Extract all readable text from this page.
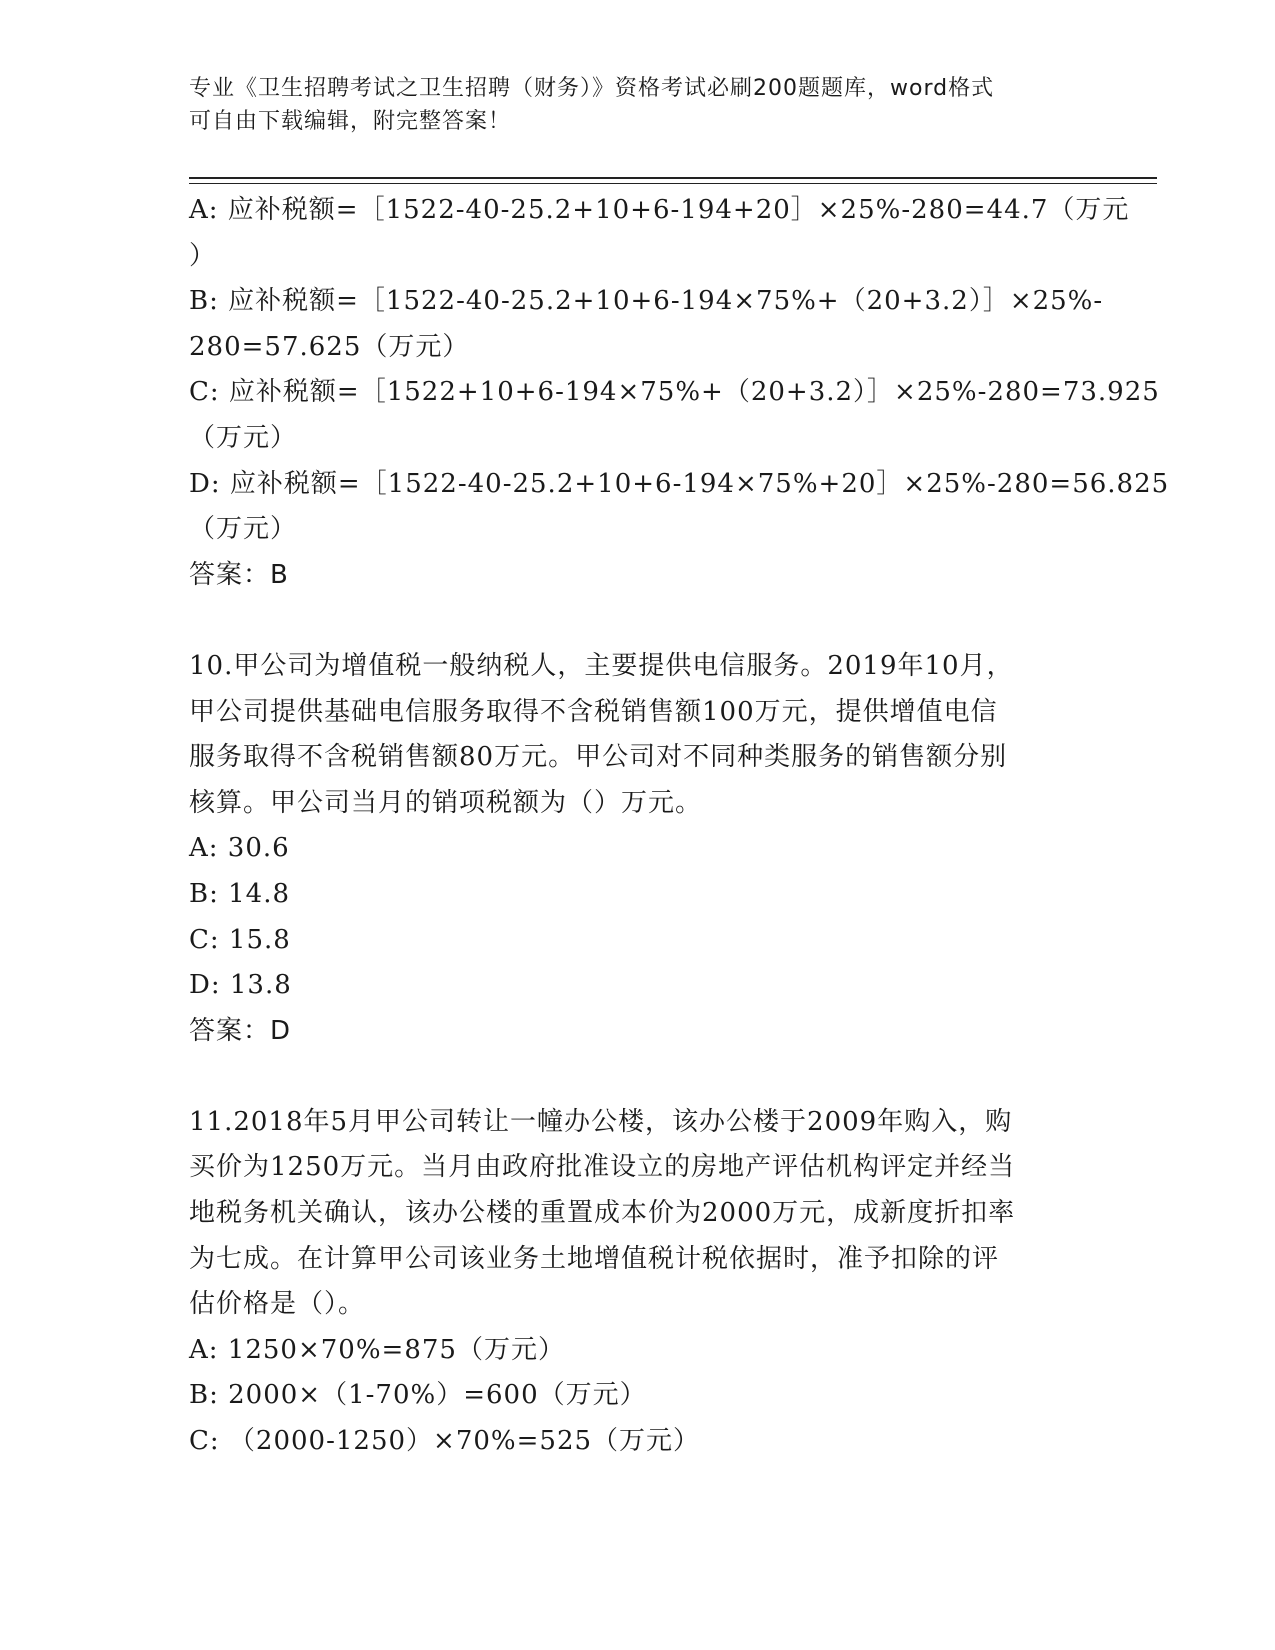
专业《卫生招聘考试之卫生招聘（财务）》资格考试必刷200题题库，word格式
可自由下载编辑，附完整答案！
A: 应补税额=［1522-40-25.2+10+6-194+20］×25%-280=44.7（万元
）
B: 应补税额=［1522-40-25.2+10+6-194×75%+（20+3.2）］×25%-
280=57.625（万元）
C: 应补税额=［1522+10+6-194×75%+（20+3.2）］×25%-280=73.925
（万元）
D: 应补税额=［1522-40-25.2+10+6-194×75%+20］×25%-280=56.825
（万元）
答案：B
10.甲公司为增值税一般纳税人，主要提供电信服务。2019年10月，
甲公司提供基础电信服务取得不含税销售额100万元，提供增值电信
服务取得不含税销售额80万元。甲公司对不同种类服务的销售额分别
核算。甲公司当月的销项税额为（）万元。
A: 30.6
B: 14.8
C: 15.8
D: 13.8
答案：D
11.2018年5月甲公司转让一幢办公楼，该办公楼于2009年购入，购
买价为1250万元。当月由政府批准设立的房地产评估机构评定并经当
地税务机关确认，该办公楼的重置成本价为2000万元，成新度折扣率
为七成。在计算甲公司该业务土地增值税计税依据时，准予扣除的评
估价格是（）。
A: 1250×70%=875（万元）
B: 2000×（1-70%）=600（万元）
C: （2000-1250）×70%=525（万元）
